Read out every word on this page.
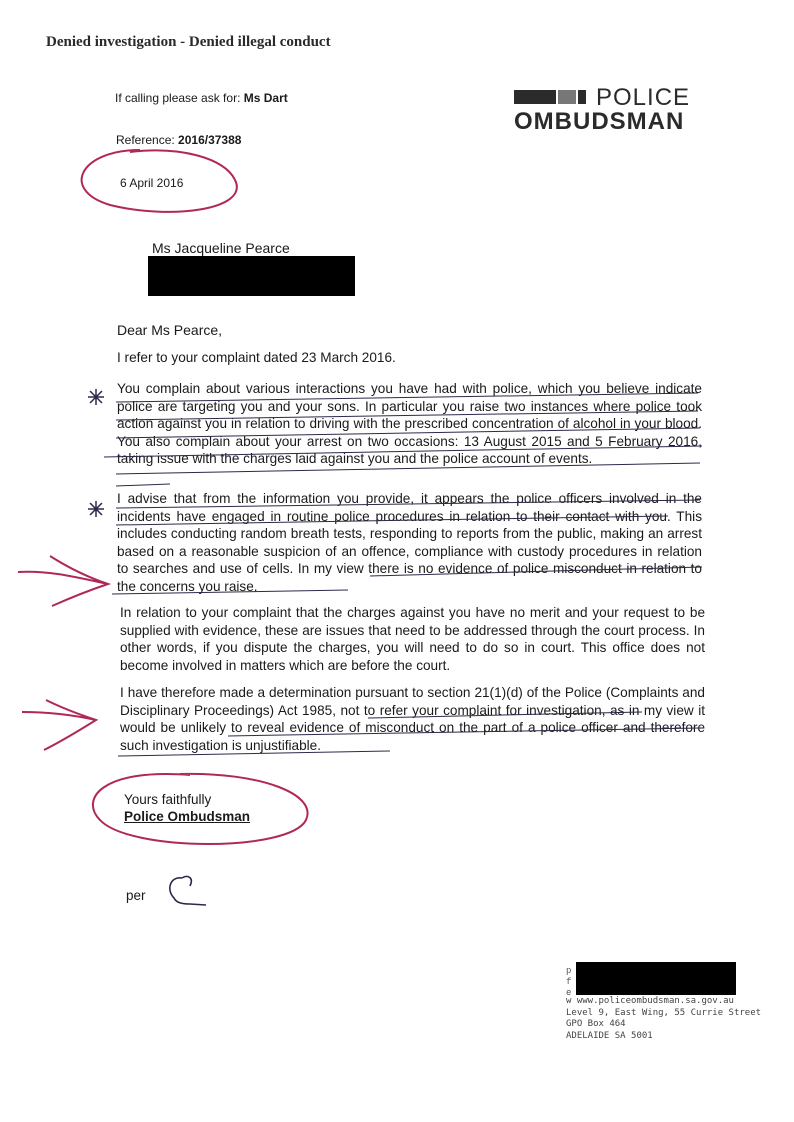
Denied investigation - Denied illegal conduct
If calling please ask for: Ms Dart
Reference: 2016/37388
6 April 2016
POLICE
OMBUDSMAN
Ms Jacqueline Pearce
Dear Ms Pearce,
I refer to your complaint dated 23 March 2016.
You complain about various interactions you have had with police, which you believe indicate police are targeting you and your sons. In particular you raise two instances where police took action against you in relation to driving with the prescribed concentration of alcohol in your blood. You also complain about your arrest on two occasions: 13 August 2015 and 5 February 2016, taking issue with the charges laid against you and the police account of events.
I advise that from the information you provide, it appears the police officers involved in the incidents have engaged in routine police procedures in relation to their contact with you. This includes conducting random breath tests, responding to reports from the public, making an arrest based on a reasonable suspicion of an offence, compliance with custody procedures in relation to searches and use of cells. In my view there is no evidence of police misconduct in relation to the concerns you raise.
In relation to your complaint that the charges against you have no merit and your request to be supplied with evidence, these are issues that need to be addressed through the court process. In other words, if you dispute the charges, you will need to do so in court. This office does not become involved in matters which are before the court.
I have therefore made a determination pursuant to section 21(1)(d) of the Police (Complaints and Disciplinary Proceedings) Act 1985, not to refer your complaint for investigation, as in my view it would be unlikely to reveal evidence of misconduct on the part of a police officer and therefore such investigation is unjustifiable.
Yours faithfully
Police Ombudsman
per
p
f
e
w www.policeombudsman.sa.gov.au
Level 9, East Wing, 55 Currie Street
GPO Box 464
ADELAIDE SA 5001
